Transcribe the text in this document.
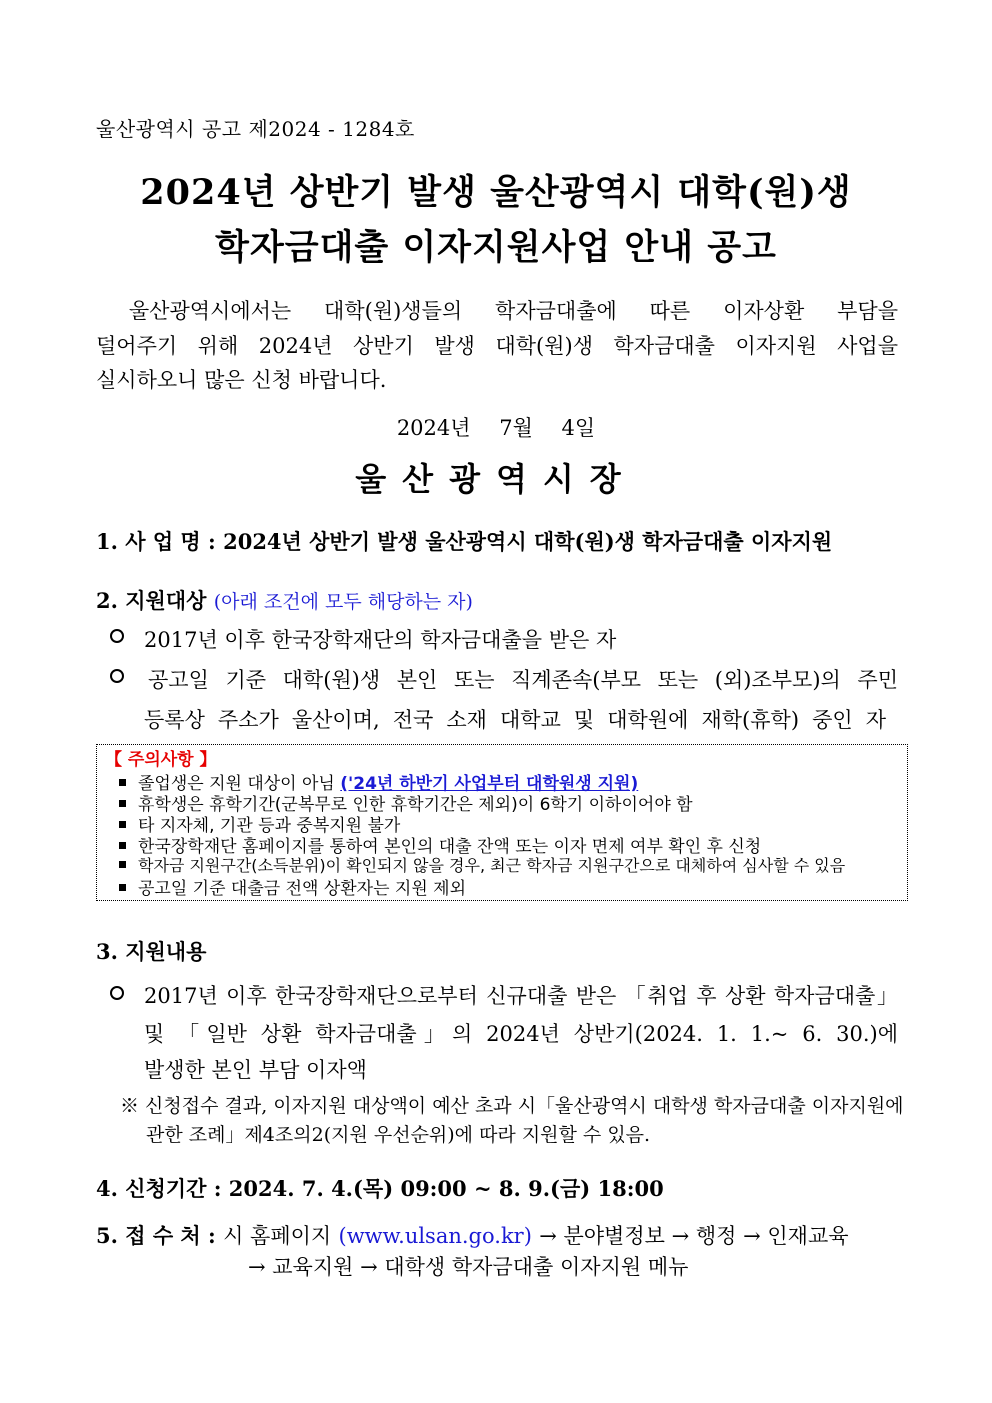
울산광역시 공고 제2024 - 1284호
2024년 상반기 발생 울산광역시 대학(원)생
학자금대출 이자지원사업 안내 공고
울산광역시에서는 대학(원)생들의 학자금대출에 따른 이자상환 부담을
덜어주기 위해 2024년 상반기 발생 대학(원)생 학자금대출 이자지원 사업을
실시하오니 많은 신청 바랍니다.
2024년 7월 4일
울산광역시장
1. 사 업 명 : 2024년 상반기 발생 울산광역시 대학(원)생 학자금대출 이자지원
2. 지원대상 (아래 조건에 모두 해당하는 자)
2017년 이후 한국장학재단의 학자금대출을 받은 자
공고일 기준 대학(원)생 본인 또는 직계존속(부모 또는 (외)조부모)의 주민
등록상 주소가 울산이며, 전국 소재 대학교 및 대학원에 재학(휴학) 중인 자
【 주의사항 】
졸업생은 지원 대상이 아님 ('24년 하반기 사업부터 대학원생 지원)
휴학생은 휴학기간(군복무로 인한 휴학기간은 제외)이 6학기 이하이어야 함
타 지자체, 기관 등과 중복지원 불가
한국장학재단 홈페이지를 통하여 본인의 대출 잔액 또는 이자 면제 여부 확인 후 신청
학자금 지원구간(소득분위)이 확인되지 않을 경우, 최근 학자금 지원구간으로 대체하여 심사할 수 있음
공고일 기준 대출금 전액 상환자는 지원 제외
3. 지원내용
2017년 이후 한국장학재단으로부터 신규대출 받은 「취업 후 상환 학자금대출」
및 「일반 상환 학자금대출」의 2024년 상반기(2024. 1. 1.~ 6. 30.)에
발생한 본인 부담 이자액
※ 신청접수 결과, 이자지원 대상액이 예산 초과 시「울산광역시 대학생 학자금대출 이자지원에
관한 조례」제4조의2(지원 우선순위)에 따라 지원할 수 있음.
4. 신청기간 : 2024. 7. 4.(목) 09:00 ~ 8. 9.(금) 18:00
5. 접 수 처 : 시 홈페이지 (www.ulsan.go.kr) → 분야별정보 → 행정 → 인재교육
→ 교육지원 → 대학생 학자금대출 이자지원 메뉴
